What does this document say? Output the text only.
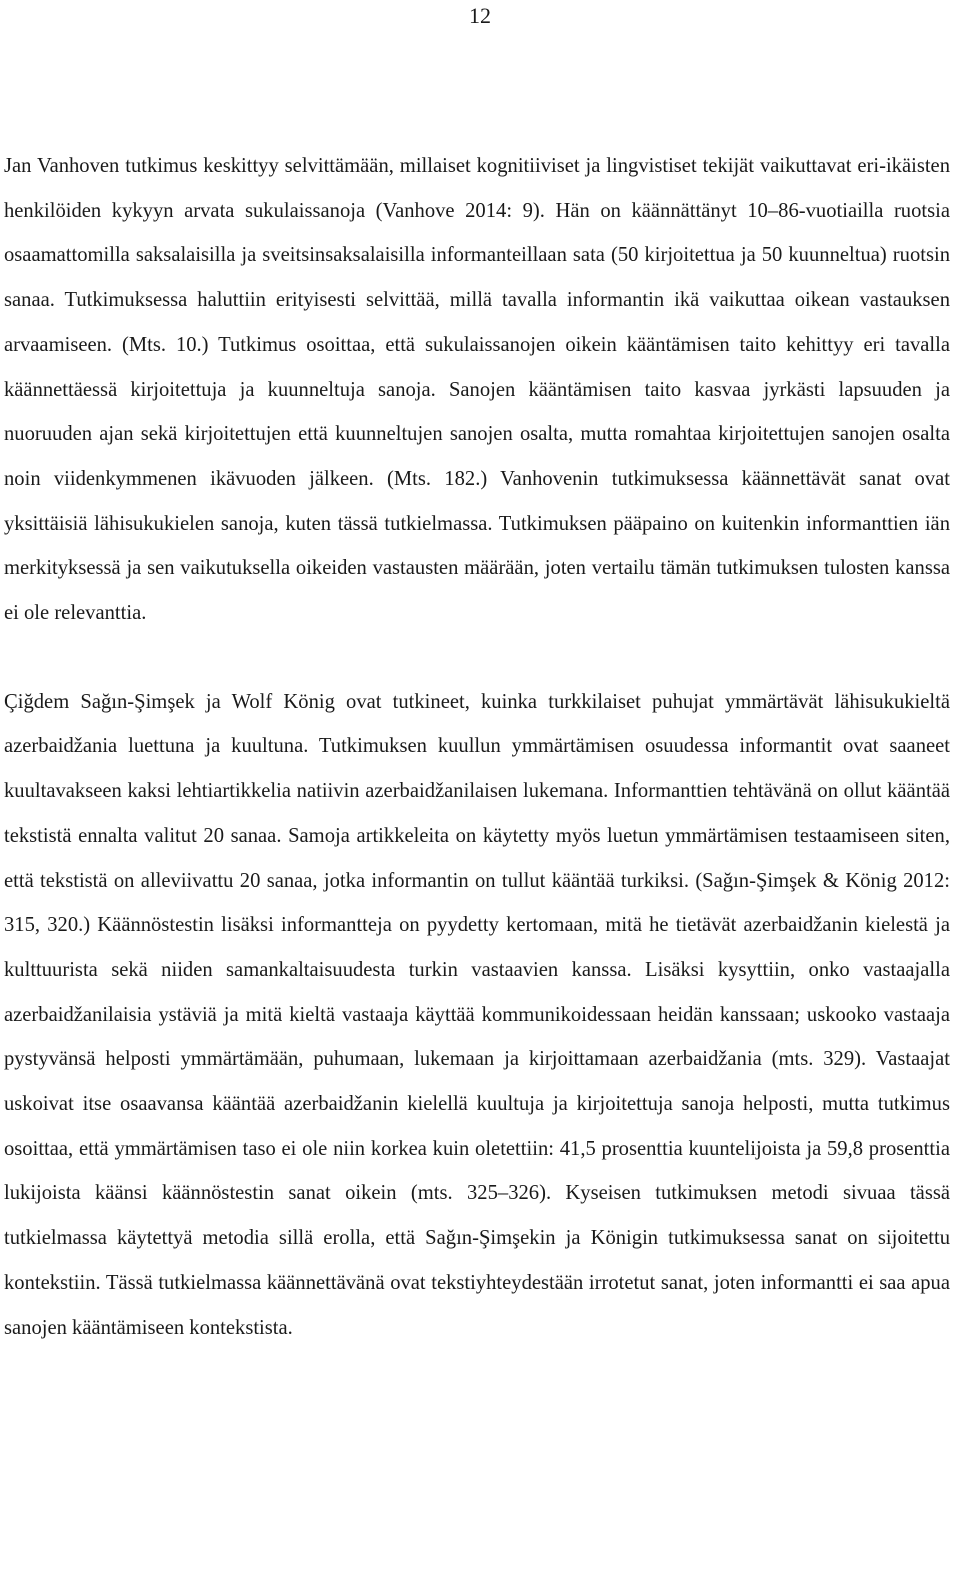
12

Jan Vanhoven tutkimus keskittyy selvittämään, millaiset kognitiiviset ja lingvistiset tekijät vaikuttavat eri-ikäisten henkilöiden kykyyn arvata sukulaissanoja (Vanhove 2014: 9). Hän on käännättänyt 10–86-vuotiailla ruotsia osaamattomilla saksalaisilla ja sveitsinsaksalaisilla informanteillaan sata (50 kirjoitettua ja 50 kuunneltua) ruotsin sanaa. Tutkimuksessa haluttiin erityisesti selvittää, millä tavalla informantin ikä vaikuttaa oikean vastauksen arvaamiseen. (Mts. 10.) Tutkimus osoittaa, että sukulaissanojen oikein kääntämisen taito kehittyy eri tavalla käännettäessä kirjoitettuja ja kuunneltuja sanoja. Sanojen kääntämisen taito kasvaa jyrkästi lapsuuden ja nuoruuden ajan sekä kirjoitettujen että kuunneltujen sanojen osalta, mutta romahtaa kirjoitettujen sanojen osalta noin viidenkymmenen ikävuoden jälkeen. (Mts. 182.) Vanhovenin tutkimuksessa käännettävät sanat ovat yksittäisiä lähisukukielen sanoja, kuten tässä tutkielmassa. Tutkimuksen pääpaino on kuitenkin informanttien iän merkityksessä ja sen vaikutuksella oikeiden vastausten määrään, joten vertailu tämän tutkimuksen tulosten kanssa ei ole relevanttia.

Çiğdem Sağın-Şimşek ja Wolf König ovat tutkineet, kuinka turkkilaiset puhujat ymmärtävät lähisukukieltä azerbaidžania luettuna ja kuultuna. Tutkimuksen kuullun ymmärtämisen osuudessa informantit ovat saaneet kuultavakseen kaksi lehtiartikkelia natiivin azerbaidžanilaisen lukemana. Informanttien tehtävänä on ollut kääntää tekstistä ennalta valitut 20 sanaa. Samoja artikkeleita on käytetty myös luetun ymmärtämisen testaamiseen siten, että tekstistä on alleviivattu 20 sanaa, jotka informantin on tullut kääntää turkiksi. (Sağın-Şimşek & König 2012: 315, 320.) Käännöstestin lisäksi informantteja on pyydetty kertomaan, mitä he tietävät azerbaidžanin kielestä ja kulttuurista sekä niiden samankaltaisuudesta turkin vastaavien kanssa. Lisäksi kysyttiin, onko vastaajalla azerbaidžanilaisia ystäviä ja mitä kieltä vastaaja käyttää kommunikoidessaan heidän kanssaan; uskooko vastaaja pystyvänsä helposti ymmärtämään, puhumaan, lukemaan ja kirjoittamaan azerbaidžania (mts. 329). Vastaajat uskoivat itse osaavansa kääntää azerbaidžanin kielellä kuultuja ja kirjoitettuja sanoja helposti, mutta tutkimus osoittaa, että ymmärtämisen taso ei ole niin korkea kuin oletettiin: 41,5 prosenttia kuuntelijoista ja 59,8 prosenttia lukijoista käänsi käännöstestin sanat oikein (mts. 325–326). Kyseisen tutkimuksen metodi sivuaa tässä tutkielmassa käytettyä metodia sillä erolla, että Sağın-Şimşekin ja Königin tutkimuksessa sanat on sijoitettu kontekstiin. Tässä tutkielmassa käännettävänä ovat tekstiyhteydestään irrotetut sanat, joten informantti ei saa apua sanojen kääntämiseen kontekstista.
